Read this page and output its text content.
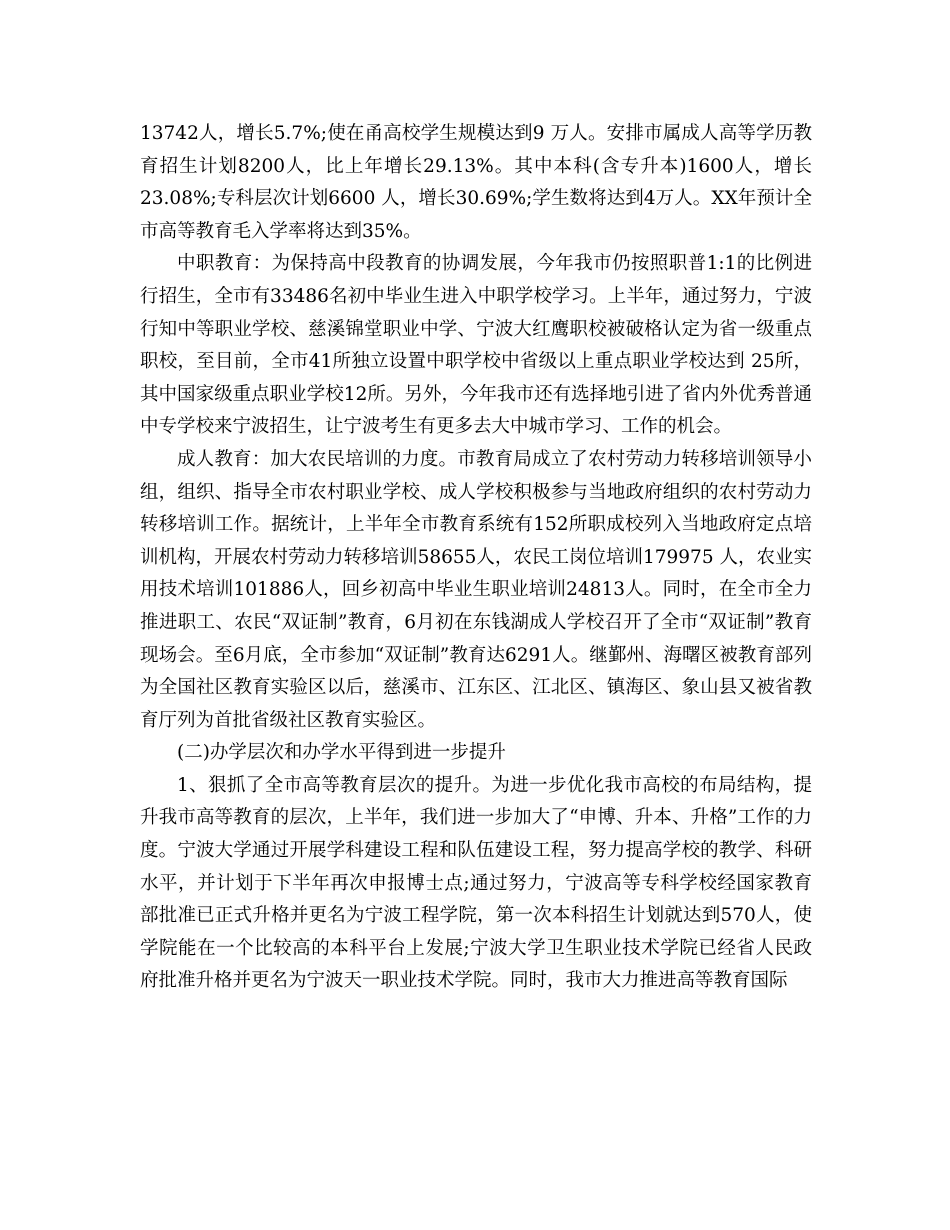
13742人，增长5.7%;使在甬高校学生规模达到9 万人。安排市属成人高等学历教育招生计划8200人，比上年增长29.13%。其中本科(含专升本)1600人，增长23.08%;专科层次计划6600 人，增长30.69%;学生数将达到4万人。XX年预计全市高等教育毛入学率将达到35%。

中职教育：为保持高中段教育的协调发展，今年我市仍按照职普1:1的比例进行招生，全市有33486名初中毕业生进入中职学校学习。上半年，通过努力，宁波行知中等职业学校、慈溪锦堂职业中学、宁波大红鹰职校被破格认定为省一级重点职校，至目前，全市41所独立设置中职学校中省级以上重点职业学校达到 25所，其中国家级重点职业学校12所。另外，今年我市还有选择地引进了省内外优秀普通中专学校来宁波招生，让宁波考生有更多去大中城市学习、工作的机会。

成人教育：加大农民培训的力度。市教育局成立了农村劳动力转移培训领导小组，组织、指导全市农村职业学校、成人学校积极参与当地政府组织的农村劳动力转移培训工作。据统计，上半年全市教育系统有152所职成校列入当地政府定点培训机构，开展农村劳动力转移培训58655人，农民工岗位培训179975 人，农业实用技术培训101886人，回乡初高中毕业生职业培训24813人。同时，在全市全力推进职工、农民“双证制”教育，6月初在东钱湖成人学校召开了全市“双证制”教育现场会。至6月底，全市参加“双证制”教育达6291人。继鄞州、海曙区被教育部列为全国社区教育实验区以后，慈溪市、江东区、江北区、镇海区、象山县又被省教育厅列为首批省级社区教育实验区。

(二)办学层次和办学水平得到进一步提升

1、狠抓了全市高等教育层次的提升。为进一步优化我市高校的布局结构，提升我市高等教育的层次，上半年，我们进一步加大了“申博、升本、升格”工作的力度。宁波大学通过开展学科建设工程和队伍建设工程，努力提高学校的教学、科研水平，并计划于下半年再次申报博士点;通过努力，宁波高等专科学校经国家教育部批准已正式升格并更名为宁波工程学院，第一次本科招生计划就达到570人，使学院能在一个比较高的本科平台上发展;宁波大学卫生职业技术学院已经省人民政府批准升格并更名为宁波天一职业技术学院。同时，我市大力推进高等教育国际
